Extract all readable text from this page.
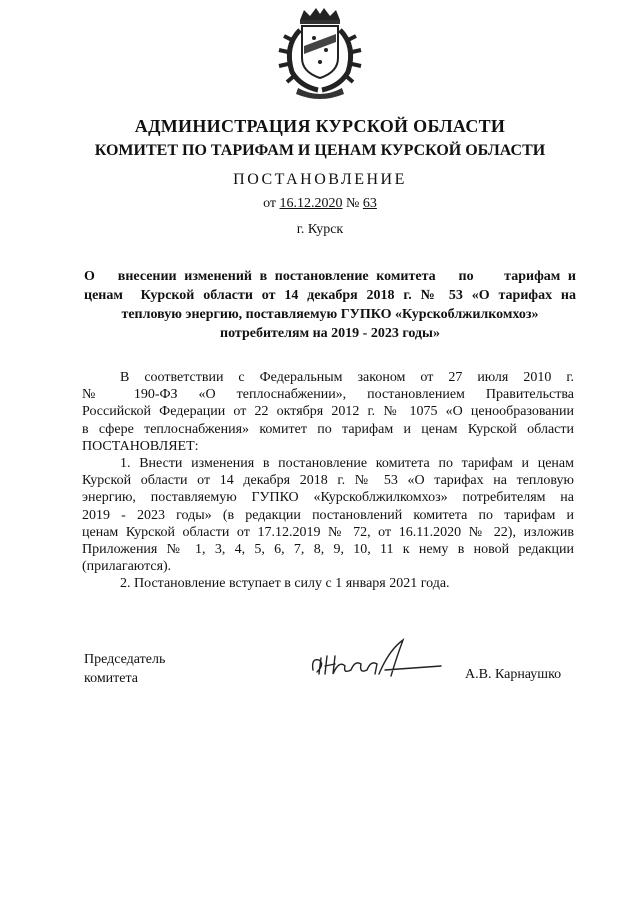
АДМИНИСТРАЦИЯ КУРСКОЙ ОБЛАСТИ
КОМИТЕТ ПО ТАРИФАМ И ЦЕНАМ КУРСКОЙ ОБЛАСТИ
ПОСТАНОВЛЕНИЕ
от 16.12.2020 № 63
г. Курск
О   внесении изменений в постановление комитета   по    тарифам и
ценам  Курской области от 14 декабря 2018 г. № 53 «О тарифах на
тепловую энергию, поставляемую ГУПКО «Курскоблжилкомхоз»
потребителям на 2019 - 2023 годы»
В соответствии с Федеральным законом от 27 июля 2010 г.
№ 190-ФЗ «О теплоснабжении», постановлением Правительства
Российской Федерации от 22 октября 2012 г. № 1075 «О ценообразовании
в сфере теплоснабжения» комитет по тарифам и ценам Курской области
ПОСТАНОВЛЯЕТ:
1. Внести изменения в постановление комитета по тарифам и ценам
Курской области от 14 декабря 2018 г. № 53 «О тарифах на тепловую
энергию, поставляемую ГУПКО «Курскоблжилкомхоз» потребителям на
2019 - 2023 годы» (в редакции постановлений комитета по тарифам и
ценам Курской области от 17.12.2019 № 72, от 16.11.2020 № 22), изложив
Приложения № 1, 3, 4, 5, 6, 7, 8, 9, 10, 11 к нему в новой редакции
(прилагаются).
2. Постановление вступает в силу с 1 января 2021 года.
Председатель
комитета	А.В. Карнаушко
